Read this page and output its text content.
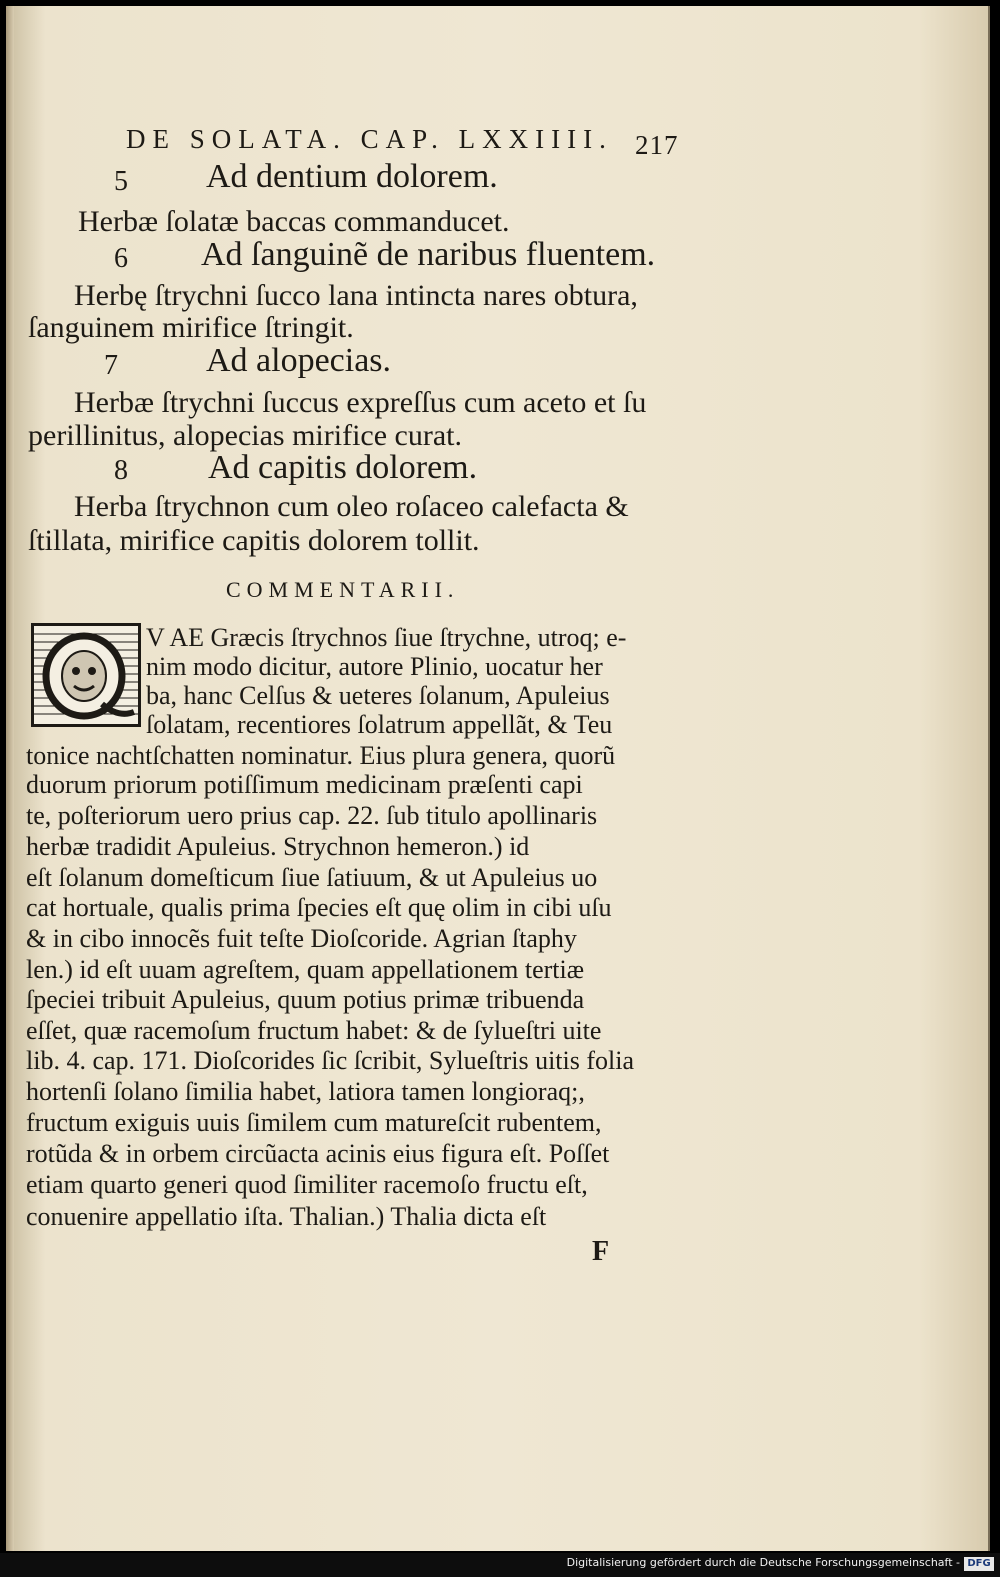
DE SOLATA. CAP. LXXIIII. 217
5 Ad dentium dolorem.
Herbæ ſolatæ baccas commanducet.
6 Ad ſanguinẽ de naribus fluentem.
Herbę ſtrychni ſucco lana intincta nares obtura,
ſanguinem mirifice ſtringit.
7	Ad alopecias.
Herbæ ſtrychni ſuccus expreſſus cum aceto et ſu
perillinitus, alopecias mirifice curat.
8 Ad capitis dolorem.
Herba ſtrychnon cum oleo roſaceo calefacta &
ſtillata, mirifice capitis dolorem tollit.
COMMENTARII.
V AE Græcis ſtrychnos ſiue ſtrychne, utroq; e-
nim modo dicitur, autore Plinio, uocatur her
ba, hanc Celſus & ueteres ſolanum, Apuleius
ſolatam, recentiores ſolatrum appellãt, & Teu
tonice nachtſchatten nominatur. Eius plura genera, quorũ
duorum priorum potiſſimum medicinam præſenti capi
te, poſteriorum uero prius cap. 22. ſub titulo apollinaris
herbæ tradidit Apuleius. Strychnon hemeron.) id
eſt ſolanum domeſticum ſiue ſatiuum, & ut Apuleius uo
cat hortuale, qualis prima ſpecies eſt quę olim in cibi uſu
& in cibo innocẽs fuit teſte Dioſcoride. Agrian ſtaphy
len.) id eſt uuam agreſtem, quam appellationem tertiæ
ſpeciei tribuit Apuleius, quum potius primæ tribuenda
eſſet, quæ racemoſum fructum habet: & de ſylueſtri uite
lib. 4. cap. 171. Dioſcorides ſic ſcribit, Sylueſtris uitis folia
hortenſi ſolano ſimilia habet, latiora tamen longioraq;,
fructum exiguis uuis ſimilem cum matureſcit rubentem,
rotũda & in orbem circũacta acinis eius figura eſt. Poſſet
etiam quarto generi quod ſimiliter racemoſo fructu eſt,
conuenire appellatio iſta. Thalian.) Thalia dicta eſt
F
Digitalisierung gefördert durch die Deutsche Forschungsgemeinschaft - DFG
